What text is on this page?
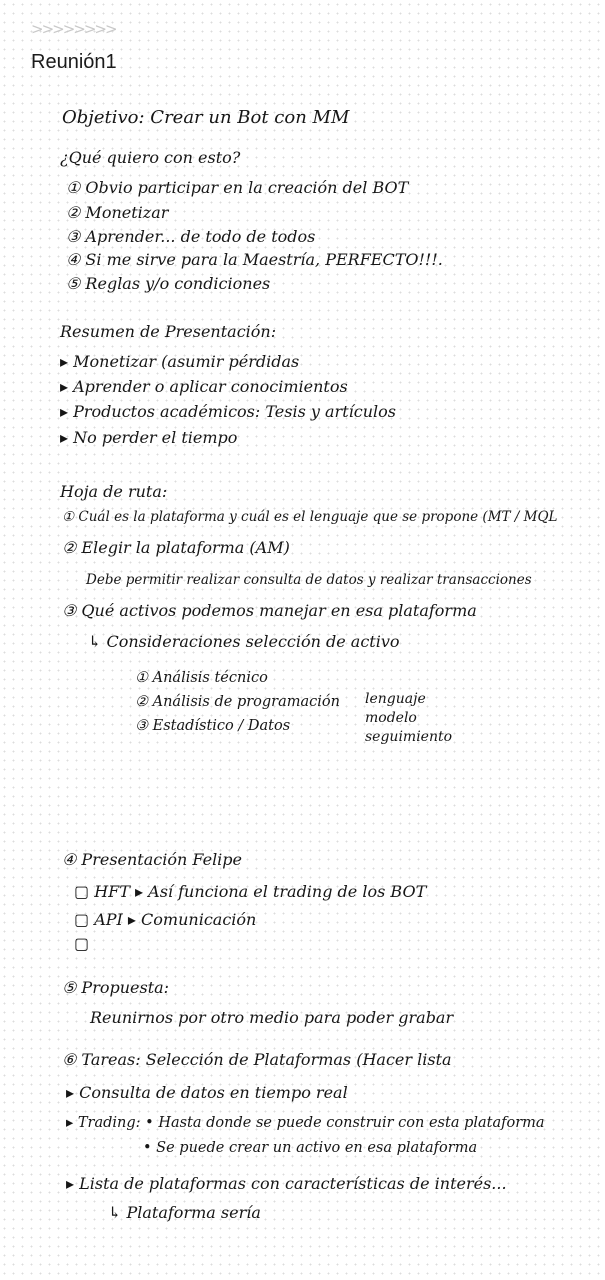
>>>>>>>>
Reunión1
Objetivo: Crear un Bot con MM
¿Qué quiero con esto?
① Obvio participar en la creación del BOT
② Monetizar
③ Aprender... de todo de todos
④ Si me sirve para la Maestría, PERFECTO!!!.
⑤ Reglas y/o condiciones
Resumen de Presentación:
▸ Monetizar (asumir pérdidas
▸ Aprender o aplicar conocimientos
▸ Productos académicos: Tesis y artículos
▸ No perder el tiempo
Hoja de ruta:
① Cuál es la plataforma y cuál es el lenguaje que se propone (MT / MQL
② Elegir la plataforma (AM)
Debe permitir realizar consulta de datos y realizar transacciones
③ Qué activos podemos manejar en esa plataforma
↳ Consideraciones selección de activo
① Análisis técnico
② Análisis de programación
③ Estadístico / Datos
lenguaje
modelo
seguimiento
④ Presentación Felipe
▢ HFT ▸ Así funciona el trading de los BOT
▢ API ▸ Comunicación
▢
⑤ Propuesta:
Reunirnos por otro medio para poder grabar
⑥ Tareas: Selección de Plataformas (Hacer lista
▸ Consulta de datos en tiempo real
▸ Trading: • Hasta donde se puede construir con esta plataforma
• Se puede crear un activo en esa plataforma
▸ Lista de plataformas con características de interés...
↳ Plataforma sería
